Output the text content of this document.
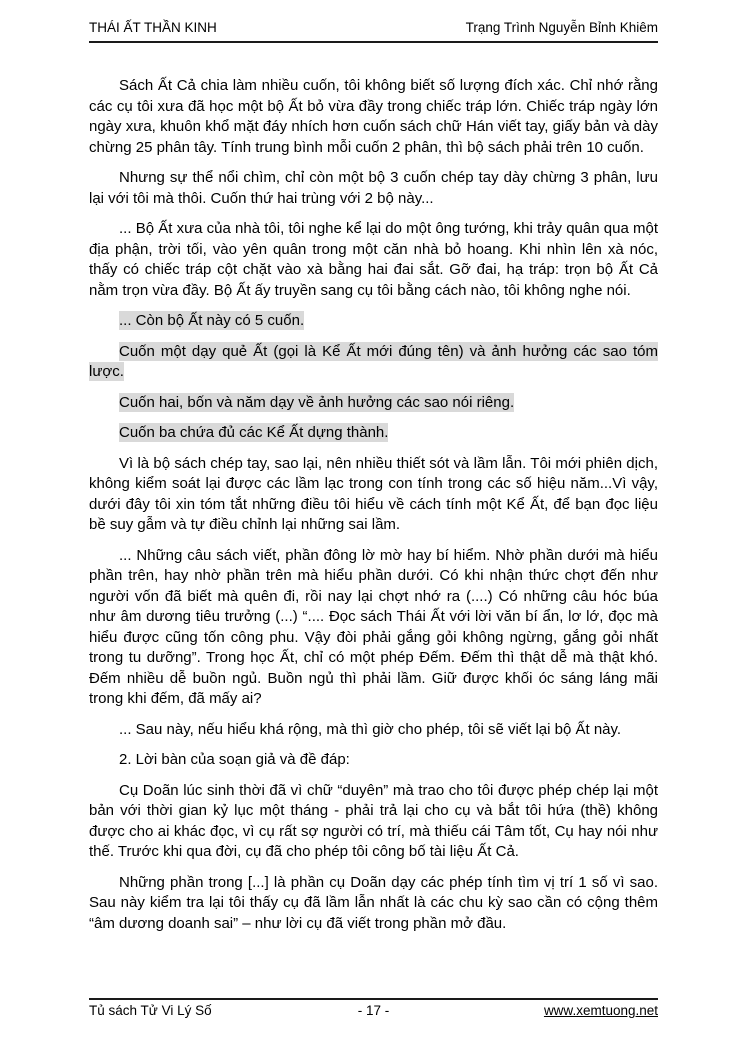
THÁI ẤT THẦN KINH	Trạng Trình Nguyễn Bỉnh Khiêm

Sách Ất Cả chia làm nhiều cuốn, tôi không biết số lượng đích xác. Chỉ nhớ rằng các cụ tôi xưa đã học một bộ Ất bỏ vừa đầy trong chiếc tráp lớn. Chiếc tráp ngày lớn ngày xưa, khuôn khổ mặt đáy nhích hơn cuốn sách chữ Hán viết tay, giấy bản và dày chừng 25 phân tây. Tính trung bình mỗi cuốn 2 phân, thì bộ sách phải trên 10 cuốn.

Nhưng sự thể nổi chìm, chỉ còn một bộ 3 cuốn chép tay dày chừng 3 phân, lưu lại với tôi mà thôi. Cuốn thứ hai trùng với 2 bộ này...

... Bộ Ất xưa của nhà tôi, tôi nghe kể lại do một ông tướng, khi trảy quân qua một địa phận, trời tối, vào yên quân trong một căn nhà bỏ hoang. Khi nhìn lên xà nóc, thấy có chiếc tráp cột chặt vào xà bằng hai đai sắt. Gỡ đai, hạ tráp: trọn bộ Ất Cả nằm trọn vừa đầy. Bộ Ất ấy truyền sang cụ tôi bằng cách nào, tôi không nghe nói.

... Còn bộ Ất này có 5 cuốn.

Cuốn một dạy quẻ Ất (gọi là Kể Ất mới đúng tên) và ảnh hưởng các sao tóm lược.

Cuốn hai, bốn và năm dạy về ảnh hưởng các sao nói riêng.

Cuốn ba chứa đủ các Kể Ất dựng thành.

Vì là bộ sách chép tay, sao lại, nên nhiều thiết sót và lầm lẫn. Tôi mới phiên dịch, không kiểm soát lại được các lầm lạc trong con tính trong các số hiệu năm...Vì vậy, dưới đây tôi xin tóm tắt những điều tôi hiểu về cách tính một Kể Ất, để bạn đọc liệu bề suy gẫm và tự điều chỉnh lại những sai lầm.

... Những câu sách viết, phần đông lờ mờ hay bí hiểm. Nhờ phần dưới mà hiểu phần trên, hay nhờ phần trên mà hiểu phần dưới. Có khi nhận thức chợt đến như người vốn đã biết mà quên đi, rồi nay lại chợt nhớ ra (....) Có những câu hóc búa như âm dương tiêu trưởng (...) “.... Đọc sách Thái Ất với lời văn bí ẩn, lơ lớ, đọc mà hiểu được cũng tốn công phu. Vậy đòi phải gắng gỏi không ngừng, gắng gỏi nhất trong tu dưỡng”. Trong học Ất, chỉ có một phép Đếm. Đếm thì thật dễ mà thật khó. Đếm nhiều dễ buồn ngủ. Buồn ngủ thì phải lầm. Giữ được khối óc sáng láng mãi trong khi đếm, đã mấy ai?

... Sau này, nếu hiểu khá rộng, mà thì giờ cho phép, tôi sẽ viết lại bộ Ất này.

2. Lời bàn của soạn giả và đề đáp:

Cụ Doãn lúc sinh thời đã vì chữ “duyên” mà trao cho tôi được phép chép lại một bản với thời gian kỷ lục một tháng - phải trả lại cho cụ và bắt tôi hứa (thề) không được cho ai khác đọc, vì cụ rất sợ người có trí, mà thiếu cái Tâm tốt, Cụ hay nói như thế. Trước khi qua đời, cụ đã cho phép tôi công bố tài liệu Ất Cả.

Những phần trong [...] là phần cụ Doãn dạy các phép tính tìm vị trí 1 số vì sao. Sau này kiểm tra lại tôi thấy cụ đã lầm lẫn nhất là các chu kỳ sao cần có cộng thêm “âm dương doanh sai” – như lời cụ đã viết trong phần mở đầu.

Tủ sách Tử Vi Lý Số	- 17 -	www.xemtuong.net
